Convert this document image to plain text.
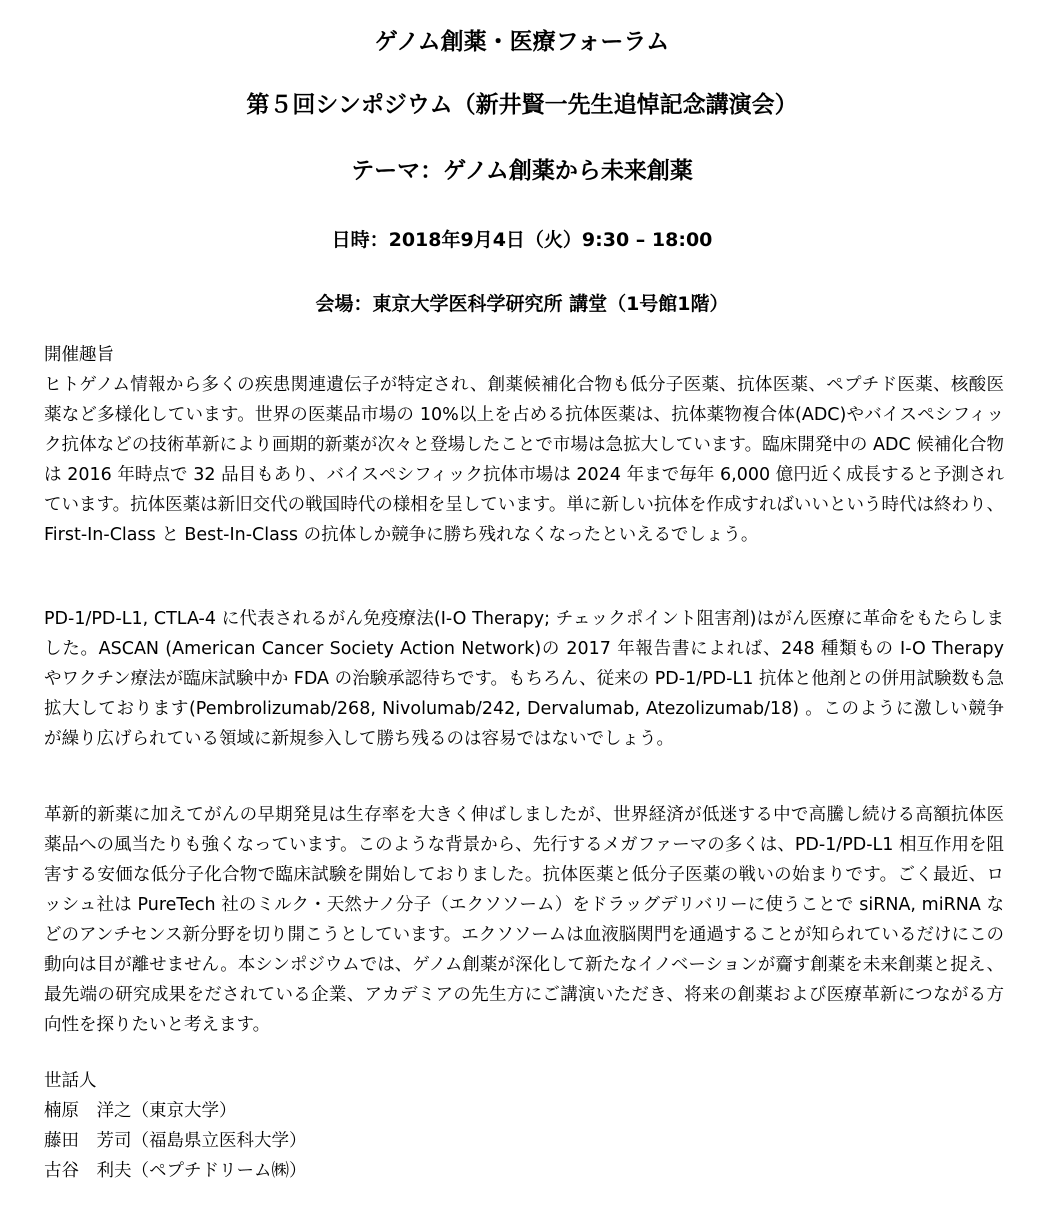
ゲノム創薬・医療フォーラム
第５回シンポジウム（新井賢一先生追悼記念講演会）
テーマ：ゲノム創薬から未来創薬
日時：2018年9月4日（火）9:30 – 18:00
会場：東京大学医科学研究所 講堂（1号館1階）
開催趣旨

ヒトゲノム情報から多くの疾患関連遺伝子が特定され、創薬候補化合物も低分子医薬、抗体医薬、ペプチド医薬、核酸医薬など多様化しています。世界の医薬品市場の 10%以上を占める抗体医薬は、抗体薬物複合体(ADC)やバイスペシフィック抗体などの技術革新により画期的新薬が次々と登場したことで市場は急拡大しています。臨床開発中の ADC 候補化合物は 2016 年時点で 32 品目もあり、バイスペシフィック抗体市場は 2024 年まで毎年 6,000 億円近く成長すると予測されています。抗体医薬は新旧交代の戦国時代の様相を呈しています。単に新しい抗体を作成すればいいという時代は終わり、First-In-Class と Best-In-Class の抗体しか競争に勝ち残れなくなったといえるでしょう。

PD-1/PD-L1, CTLA-4 に代表されるがん免疫療法(I-O Therapy; チェックポイント阻害剤)はがん医療に革命をもたらしました。ASCAN (American Cancer Society Action Network)の 2017 年報告書によれば、248 種類もの I-O Therapy やワクチン療法が臨床試験中か FDA の治験承認待ちです。もちろん、従来の PD-1/PD-L1 抗体と他剤との併用試験数も急拡大しております(Pembrolizumab/268, Nivolumab/242, Dervalumab, Atezolizumab/18) 。このように激しい競争が繰り広げられている領域に新規参入して勝ち残るのは容易ではないでしょう。

革新的新薬に加えてがんの早期発見は生存率を大きく伸ばしましたが、世界経済が低迷する中で高騰し続ける高額抗体医薬品への風当たりも強くなっています。このような背景から、先行するメガファーマの多くは、PD-1/PD-L1 相互作用を阻害する安価な低分子化合物で臨床試験を開始しておりました。抗体医薬と低分子医薬の戦いの始まりです。ごく最近、ロッシュ社は PureTech 社のミルク・天然ナノ分子（エクソソーム）をドラッグデリバリーに使うことで siRNA, miRNA などのアンチセンス新分野を切り開こうとしています。エクソソームは血液脳関門を通過することが知られているだけにこの動向は目が離せません。本シンポジウムでは、ゲノム創薬が深化して新たなイノベーションが齎す創薬を未来創薬と捉え、最先端の研究成果をだされている企業、アカデミアの先生方にご講演いただき、将来の創薬および医療革新につながる方向性を探りたいと考えます。

世話人
楠原　洋之（東京大学）
藤田　芳司（福島県立医科大学）
古谷　利夫（ペプチドリーム㈱）
